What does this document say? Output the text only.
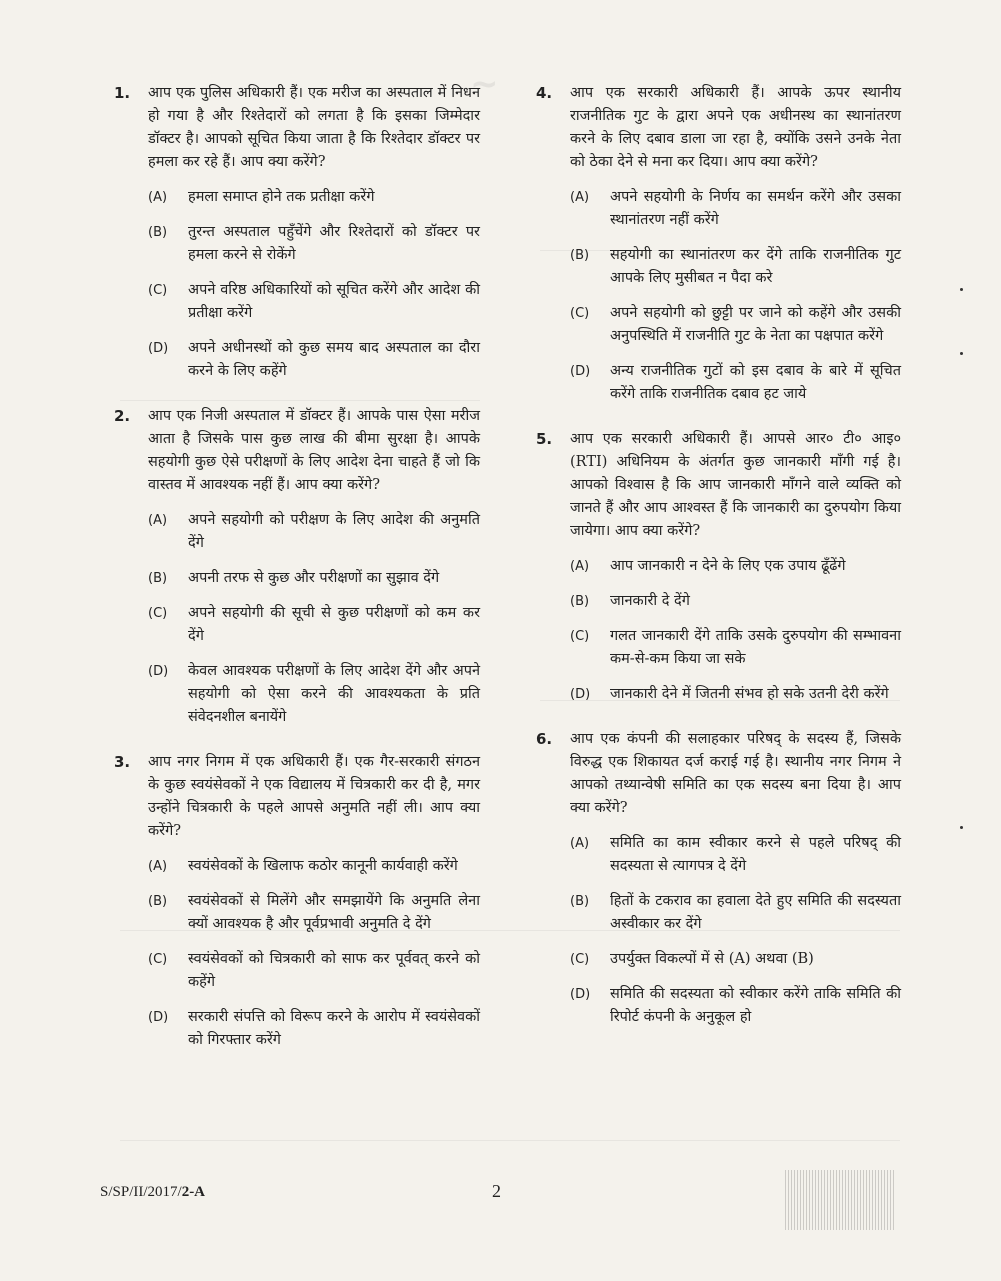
~
1. आप एक पुलिस अधिकारी हैं। एक मरीज का अस्पताल में निधन हो गया है और रिश्तेदारों को लगता है कि इसका जिम्मेदार डॉक्टर है। आपको सूचित किया जाता है कि रिश्तेदार डॉक्टर पर हमला कर रहे हैं। आप क्या करेंगे?

(A) हमला समाप्त होने तक प्रतीक्षा करेंगे
(B) तुरन्त अस्पताल पहुँचेंगे और रिश्तेदारों को डॉक्टर पर हमला करने से रोकेंगे
(C) अपने वरिष्ठ अधिकारियों को सूचित करेंगे और आदेश की प्रतीक्षा करेंगे
(D) अपने अधीनस्थों को कुछ समय बाद अस्पताल का दौरा करने के लिए कहेंगे
2. आप एक निजी अस्पताल में डॉक्टर हैं। आपके पास ऐसा मरीज आता है जिसके पास कुछ लाख की बीमा सुरक्षा है। आपके सहयोगी कुछ ऐसे परीक्षणों के लिए आदेश देना चाहते हैं जो कि वास्तव में आवश्यक नहीं हैं। आप क्या करेंगे?

(A) अपने सहयोगी को परीक्षण के लिए आदेश की अनुमति देंगे
(B) अपनी तरफ से कुछ और परीक्षणों का सुझाव देंगे
(C) अपने सहयोगी की सूची से कुछ परीक्षणों को कम कर देंगे
(D) केवल आवश्यक परीक्षणों के लिए आदेश देंगे और अपने सहयोगी को ऐसा करने की आवश्यकता के प्रति संवेदनशील बनायेंगे
3. आप नगर निगम में एक अधिकारी हैं। एक गैर-सरकारी संगठन के कुछ स्वयंसेवकों ने एक विद्यालय में चित्रकारी कर दी है, मगर उन्होंने चित्रकारी के पहले आपसे अनुमति नहीं ली। आप क्या करेंगे?

(A) स्वयंसेवकों के खिलाफ कठोर कानूनी कार्यवाही करेंगे
(B) स्वयंसेवकों से मिलेंगे और समझायेंगे कि अनुमति लेना क्यों आवश्यक है और पूर्वप्रभावी अनुमति दे देंगे
(C) स्वयंसेवकों को चित्रकारी को साफ कर पूर्ववत् करने को कहेंगे
(D) सरकारी संपत्ति को विरूप करने के आरोप में स्वयंसेवकों को गिरफ्तार करेंगे
4. आप एक सरकारी अधिकारी हैं। आपके ऊपर स्थानीय राजनीतिक गुट के द्वारा अपने एक अधीनस्थ का स्थानांतरण करने के लिए दबाव डाला जा रहा है, क्योंकि उसने उनके नेता को ठेका देने से मना कर दिया। आप क्या करेंगे?

(A) अपने सहयोगी के निर्णय का समर्थन करेंगे और उसका स्थानांतरण नहीं करेंगे
(B) सहयोगी का स्थानांतरण कर देंगे ताकि राजनीतिक गुट आपके लिए मुसीबत न पैदा करे
(C) अपने सहयोगी को छुट्टी पर जाने को कहेंगे और उसकी अनुपस्थिति में राजनीति गुट के नेता का पक्षपात करेंगे
(D) अन्य राजनीतिक गुटों को इस दबाव के बारे में सूचित करेंगे ताकि राजनीतिक दबाव हट जाये
5. आप एक सरकारी अधिकारी हैं। आपसे आर० टी० आइ० (RTI) अधिनियम के अंतर्गत कुछ जानकारी माँगी गई है। आपको विश्वास है कि आप जानकारी माँगने वाले व्यक्ति को जानते हैं और आप आश्वस्त हैं कि जानकारी का दुरुपयोग किया जायेगा। आप क्या करेंगे?

(A) आप जानकारी न देने के लिए एक उपाय ढूँढेंगे
(B) जानकारी दे देंगे
(C) गलत जानकारी देंगे ताकि उसके दुरुपयोग की सम्भावना कम-से-कम किया जा सके
(D) जानकारी देने में जितनी संभव हो सके उतनी देरी करेंगे
6. आप एक कंपनी की सलाहकार परिषद् के सदस्य हैं, जिसके विरुद्ध एक शिकायत दर्ज कराई गई है। स्थानीय नगर निगम ने आपको तथ्यान्वेषी समिति का एक सदस्य बना दिया है। आप क्या करेंगे?

(A) समिति का काम स्वीकार करने से पहले परिषद् की सदस्यता से त्यागपत्र दे देंगे
(B) हितों के टकराव का हवाला देते हुए समिति की सदस्यता अस्वीकार कर देंगे
(C) उपर्युक्त विकल्पों में से (A) अथवा (B)
(D) समिति की सदस्यता को स्वीकार करेंगे ताकि समिति की रिपोर्ट कंपनी के अनुकूल हो
S/SP/II/2017/2-A	2
